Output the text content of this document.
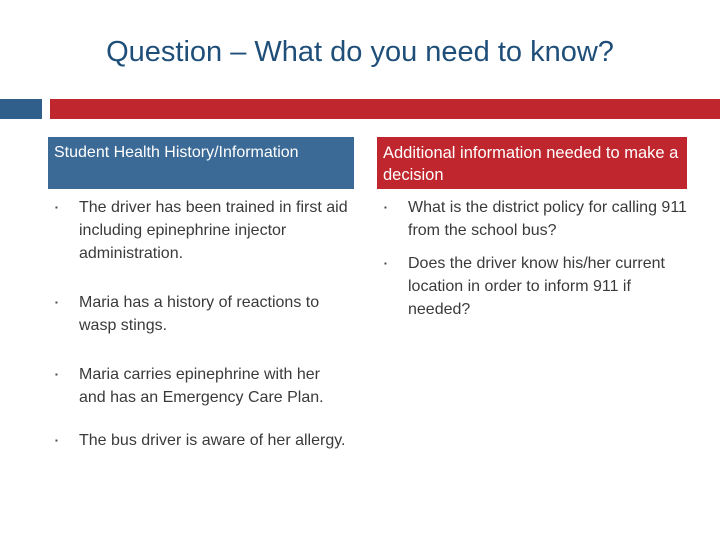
Question – What do you need to know?
Student Health History/Information	Additional information needed to make a decision
▪ The driver has been trained in first aid including epinephrine injector administration.
▪ Maria has a history of reactions to wasp stings.
▪ Maria carries epinephrine with her and has an Emergency Care Plan.
▪ The bus driver is aware of her allergy.
▪ What is the district policy for calling 911 from the school bus?
▪ Does the driver know his/her current location in order to inform 911 if needed?
